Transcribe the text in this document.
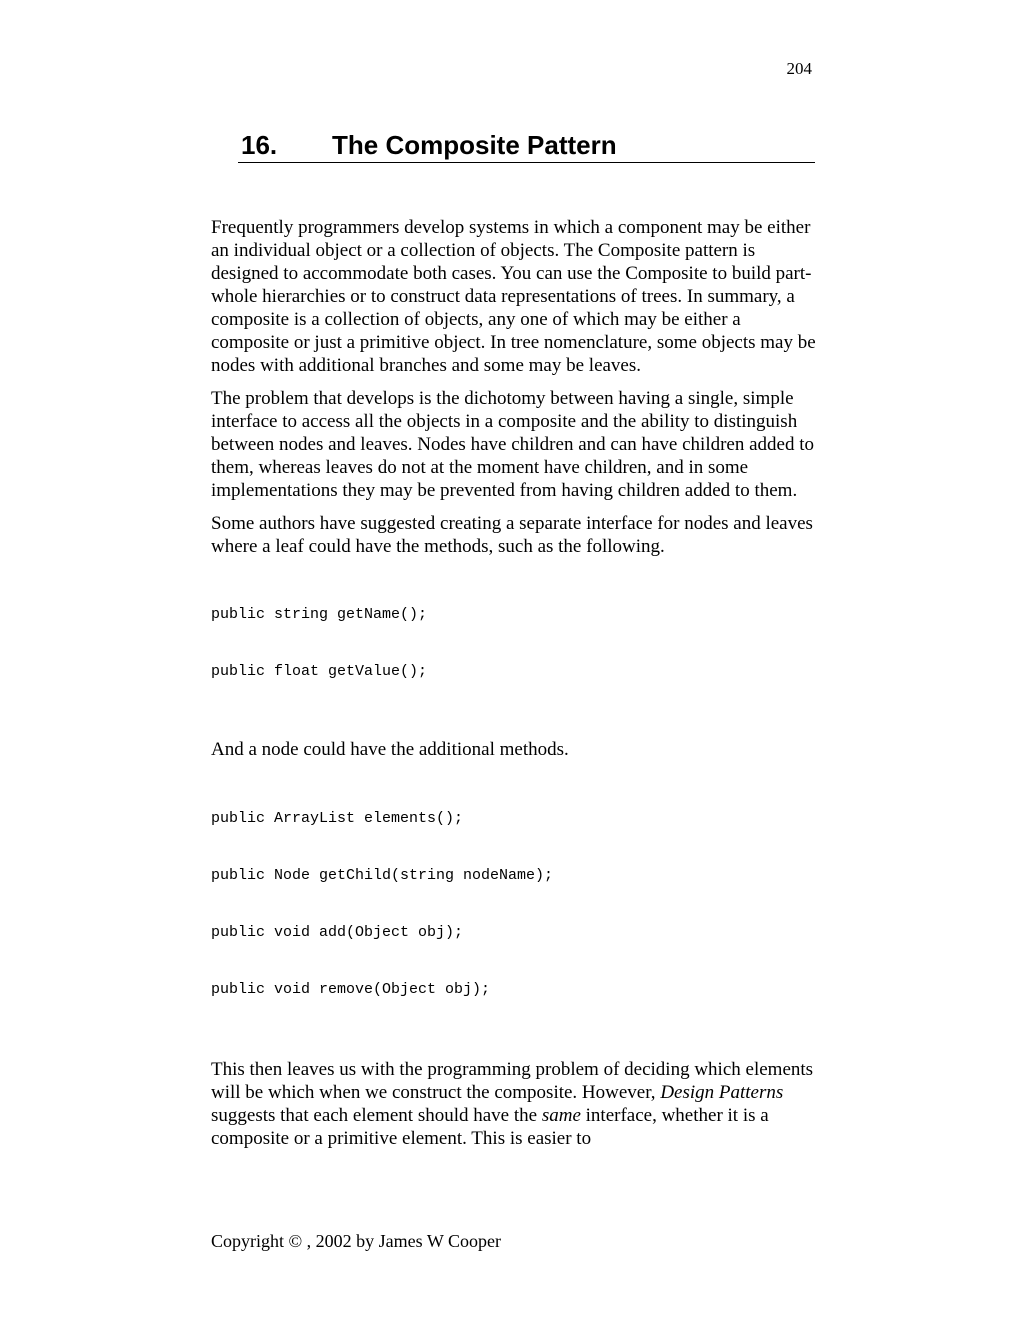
204
16. The Composite Pattern

Frequently programmers develop systems in which a component may be either an individual object or a collection of objects. The Composite pattern is designed to accommodate both cases. You can use the Composite to build part-whole hierarchies or to construct data representations of trees. In summary, a composite is a collection of objects, any one of which may be either a composite or just a primitive object. In tree nomenclature, some objects may be nodes with additional branches and some may be leaves.

The problem that develops is the dichotomy between having a single, simple interface to access all the objects in a composite and the ability to distinguish between nodes and leaves. Nodes have children and can have children added to them, whereas leaves do not at the moment have children, and in some implementations they may be prevented from having children added to them.

Some authors have suggested creating a separate interface for nodes and leaves where a leaf could have the methods, such as the following.

public string getName();

public float getValue();

And a node could have the additional methods.

public ArrayList elements();

public Node getChild(string nodeName);

public void add(Object obj);

public void remove(Object obj);

This then leaves us with the programming problem of deciding which elements will be which when we construct the composite. However, Design Patterns suggests that each element should have the same interface, whether it is a composite or a primitive element. This is easier to

Copyright © , 2002 by James W Cooper
